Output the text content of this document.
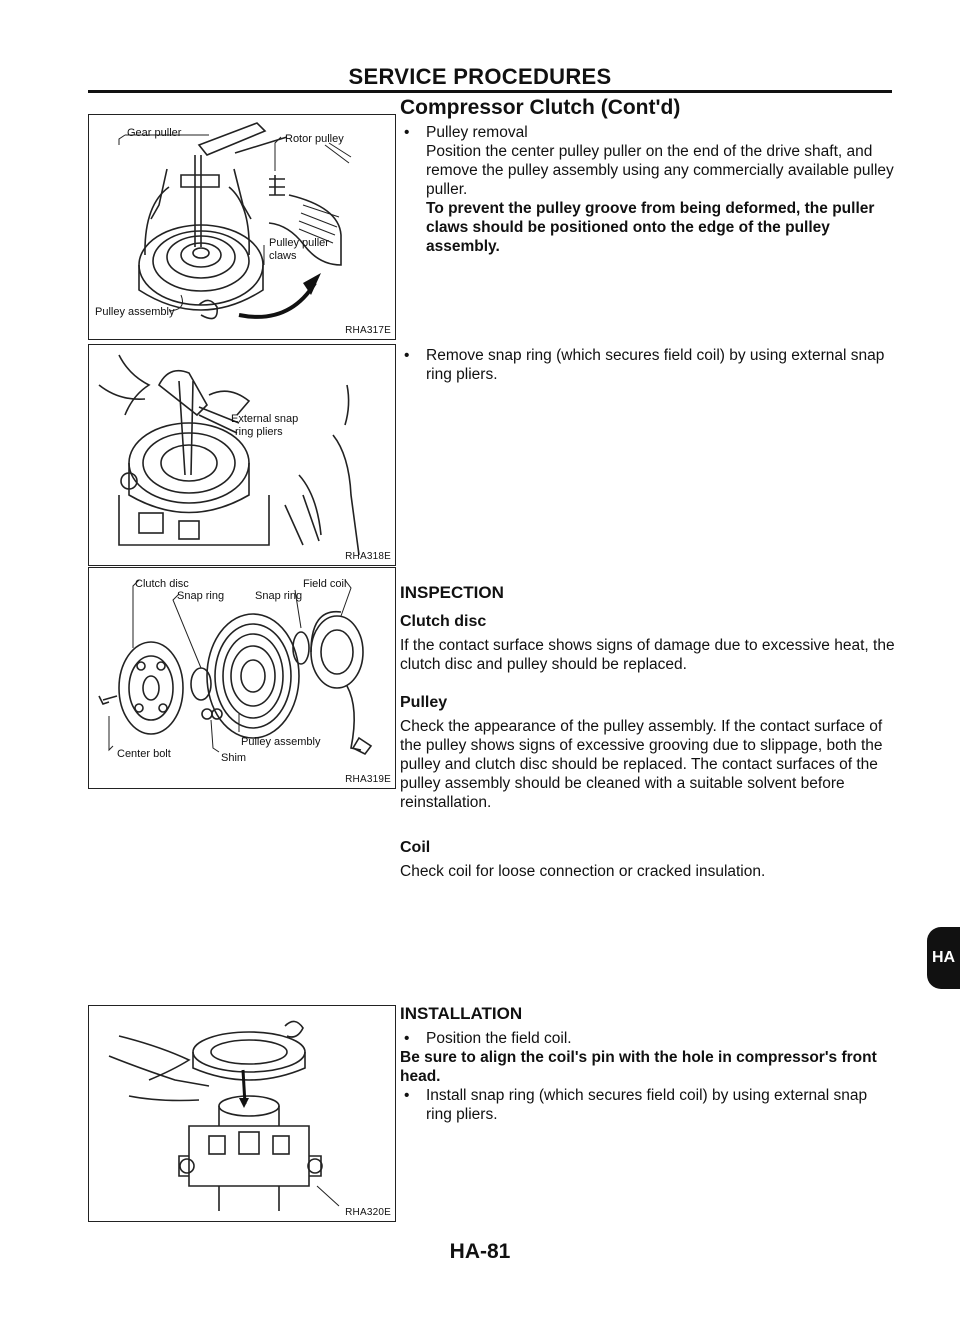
SERVICE PROCEDURES
Compressor Clutch (Cont'd)
Gear puller	Rotor pulley
Pulley puller
claws
Pulley assembly
RHA317E
External snap
ring pliers
RHA318E
Clutch disc
Snap ring	Snap ring
Field coil
Pulley assembly
Center bolt	Shim
RHA319E
RHA320E
• Pulley removal
Position the center pulley puller on the end of the drive shaft, and remove the pulley assembly using any commercially available pulley puller.
To prevent the pulley groove from being deformed, the puller claws should be positioned onto the edge of the pulley assembly.
• Remove snap ring (which secures field coil) by using external snap ring pliers.
INSPECTION
Clutch disc
If the contact surface shows signs of damage due to excessive heat, the clutch disc and pulley should be replaced.
Pulley
Check the appearance of the pulley assembly. If the contact surface of the pulley shows signs of excessive grooving due to slippage, both the pulley and clutch disc should be replaced. The contact surfaces of the pulley assembly should be cleaned with a suitable solvent before reinstallation.
Coil
Check coil for loose connection or cracked insulation.
INSTALLATION
• Position the field coil.
Be sure to align the coil's pin with the hole in compressor's front head.
• Install snap ring (which secures field coil) by using external snap ring pliers.
HA
HA-81
